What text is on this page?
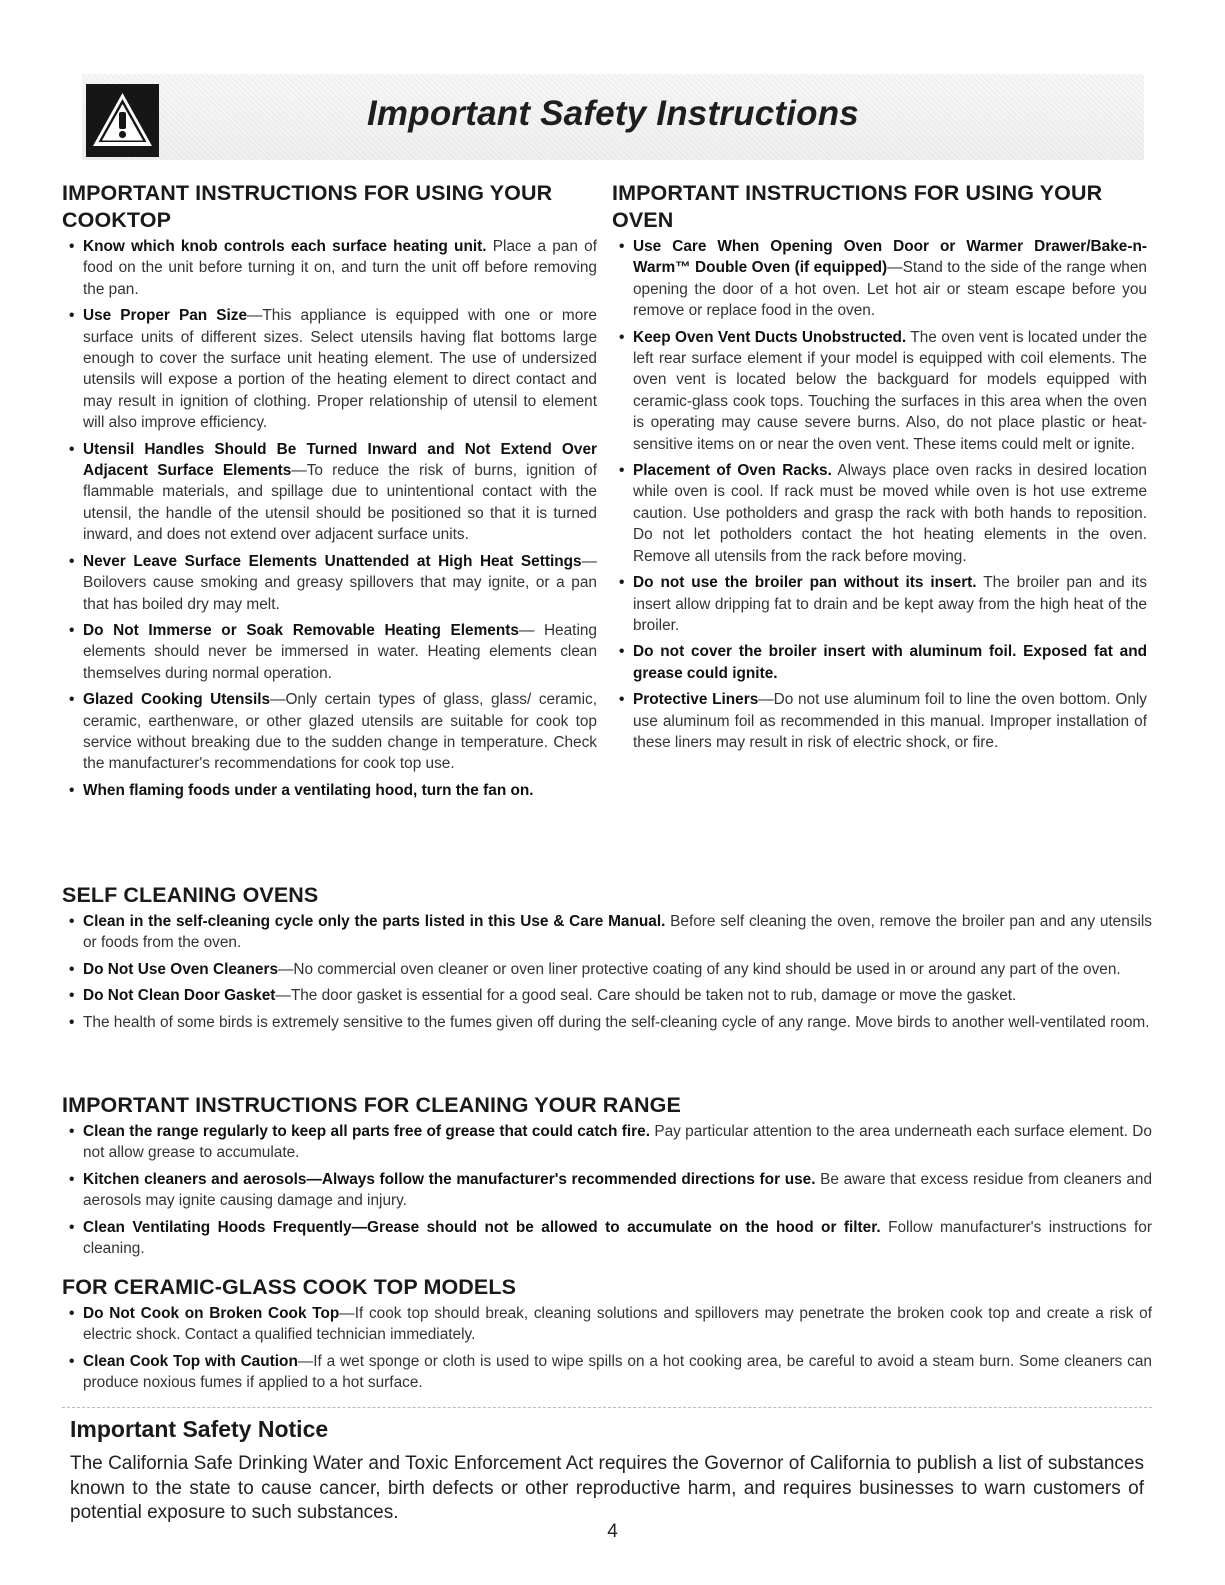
Important Safety Instructions
IMPORTANT INSTRUCTIONS FOR USING YOUR COOKTOP
• Know which knob controls each surface heating unit. Place a pan of food on the unit before turning it on, and turn the unit off before removing the pan.
• Use Proper Pan Size—This appliance is equipped with one or more surface units of different sizes. Select utensils having flat bottoms large enough to cover the surface unit heating element. The use of undersized utensils will expose a portion of the heating element to direct contact and may result in ignition of clothing. Proper relationship of utensil to element will also improve efficiency.
• Utensil Handles Should Be Turned Inward and Not Extend Over Adjacent Surface Elements—To reduce the risk of burns, ignition of flammable materials, and spillage due to unintentional contact with the utensil, the handle of the utensil should be positioned so that it is turned inward, and does not extend over adjacent surface units.
• Never Leave Surface Elements Unattended at High Heat Settings—Boilovers cause smoking and greasy spillovers that may ignite, or a pan that has boiled dry may melt.
• Do Not Immerse or Soak Removable Heating Elements— Heating elements should never be immersed in water. Heating elements clean themselves during normal operation.
• Glazed Cooking Utensils—Only certain types of glass, glass/ ceramic, ceramic, earthenware, or other glazed utensils are suitable for cook top service without breaking due to the sudden change in temperature. Check the manufacturer's recommendations for cook top use.
• When flaming foods under a ventilating hood, turn the fan on.
IMPORTANT INSTRUCTIONS FOR USING YOUR OVEN
• Use Care When Opening Oven Door or Warmer Drawer/Bake-n-Warm™ Double Oven (if equipped)—Stand to the side of the range when opening the door of a hot oven. Let hot air or steam escape before you remove or replace food in the oven.
• Keep Oven Vent Ducts Unobstructed. The oven vent is located under the left rear surface element if your model is equipped with coil elements. The oven vent is located below the backguard for models equipped with ceramic-glass cook tops. Touching the surfaces in this area when the oven is operating may cause severe burns. Also, do not place plastic or heat-sensitive items on or near the oven vent. These items could melt or ignite.
• Placement of Oven Racks. Always place oven racks in desired location while oven is cool. If rack must be moved while oven is hot use extreme caution. Use potholders and grasp the rack with both hands to reposition. Do not let potholders contact the hot heating elements in the oven. Remove all utensils from the rack before moving.
• Do not use the broiler pan without its insert. The broiler pan and its insert allow dripping fat to drain and be kept away from the high heat of the broiler.
• Do not cover the broiler insert with aluminum foil. Exposed fat and grease could ignite.
• Protective Liners—Do not use aluminum foil to line the oven bottom. Only use aluminum foil as recommended in this manual. Improper installation of these liners may result in risk of electric shock, or fire.
SELF CLEANING OVENS
• Clean in the self-cleaning cycle only the parts listed in this Use & Care Manual. Before self cleaning the oven, remove the broiler pan and any utensils or foods from the oven.
• Do Not Use Oven Cleaners—No commercial oven cleaner or oven liner protective coating of any kind should be used in or around any part of the oven.
• Do Not Clean Door Gasket—The door gasket is essential for a good seal. Care should be taken not to rub, damage or move the gasket.
• The health of some birds is extremely sensitive to the fumes given off during the self-cleaning cycle of any range. Move birds to another well-ventilated room.
IMPORTANT INSTRUCTIONS FOR CLEANING YOUR RANGE
• Clean the range regularly to keep all parts free of grease that could catch fire. Pay particular attention to the area underneath each surface element. Do not allow grease to accumulate.
• Kitchen cleaners and aerosols—Always follow the manufacturer's recommended directions for use. Be aware that excess residue from cleaners and aerosols may ignite causing damage and injury.
• Clean Ventilating Hoods Frequently—Grease should not be allowed to accumulate on the hood or filter. Follow manufacturer's instructions for cleaning.
FOR CERAMIC-GLASS COOK TOP MODELS
• Do Not Cook on Broken Cook Top—If cook top should break, cleaning solutions and spillovers may penetrate the broken cook top and create a risk of electric shock. Contact a qualified technician immediately.
• Clean Cook Top with Caution—If a wet sponge or cloth is used to wipe spills on a hot cooking area, be careful to avoid a steam burn. Some cleaners can produce noxious fumes if applied to a hot surface.
Important Safety Notice
The California Safe Drinking Water and Toxic Enforcement Act requires the Governor of California to publish a list of substances known to the state to cause cancer, birth defects or other reproductive harm, and requires businesses to warn customers of potential exposure to such substances.
4
